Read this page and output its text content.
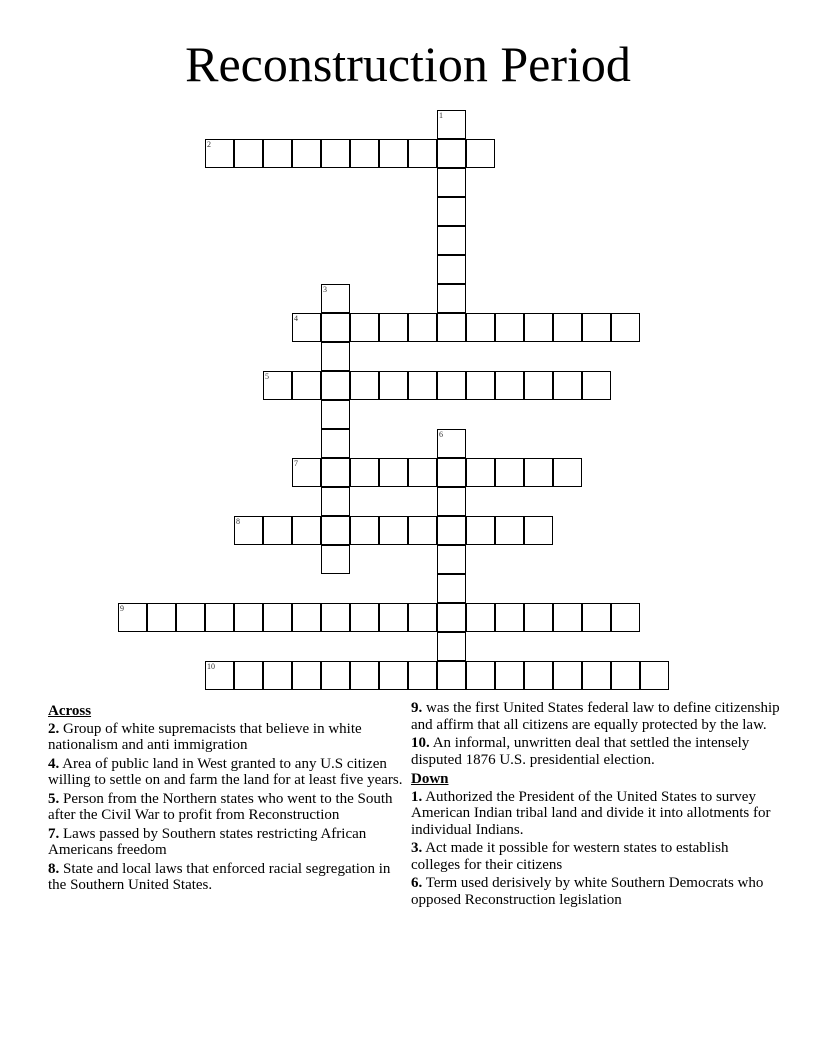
Reconstruction Period
2
4
5
7
8
9
10
1
3
6
Across
2. Group of white supremacists that believe in white nationalism and anti immigration
4. Area of public land in West granted to any U.S citizen willing to settle on and farm the land for at least five years.
5. Person from the Northern states who went to the South after the Civil War to profit from Reconstruction
7. Laws passed by Southern states restricting African Americans freedom
8. State and local laws that enforced racial segregation in the Southern United States.
9. was the first United States federal law to define citizenship and affirm that all citizens are equally protected by the law.
10. An informal, unwritten deal that settled the intensely disputed 1876 U.S. presidential election.
Down
1. Authorized the President of the United States to survey American Indian tribal land and divide it into allotments for individual Indians.
3. Act made it possible for western states to establish colleges for their citizens
6. Term used derisively by white Southern Democrats who opposed Reconstruction legislation
